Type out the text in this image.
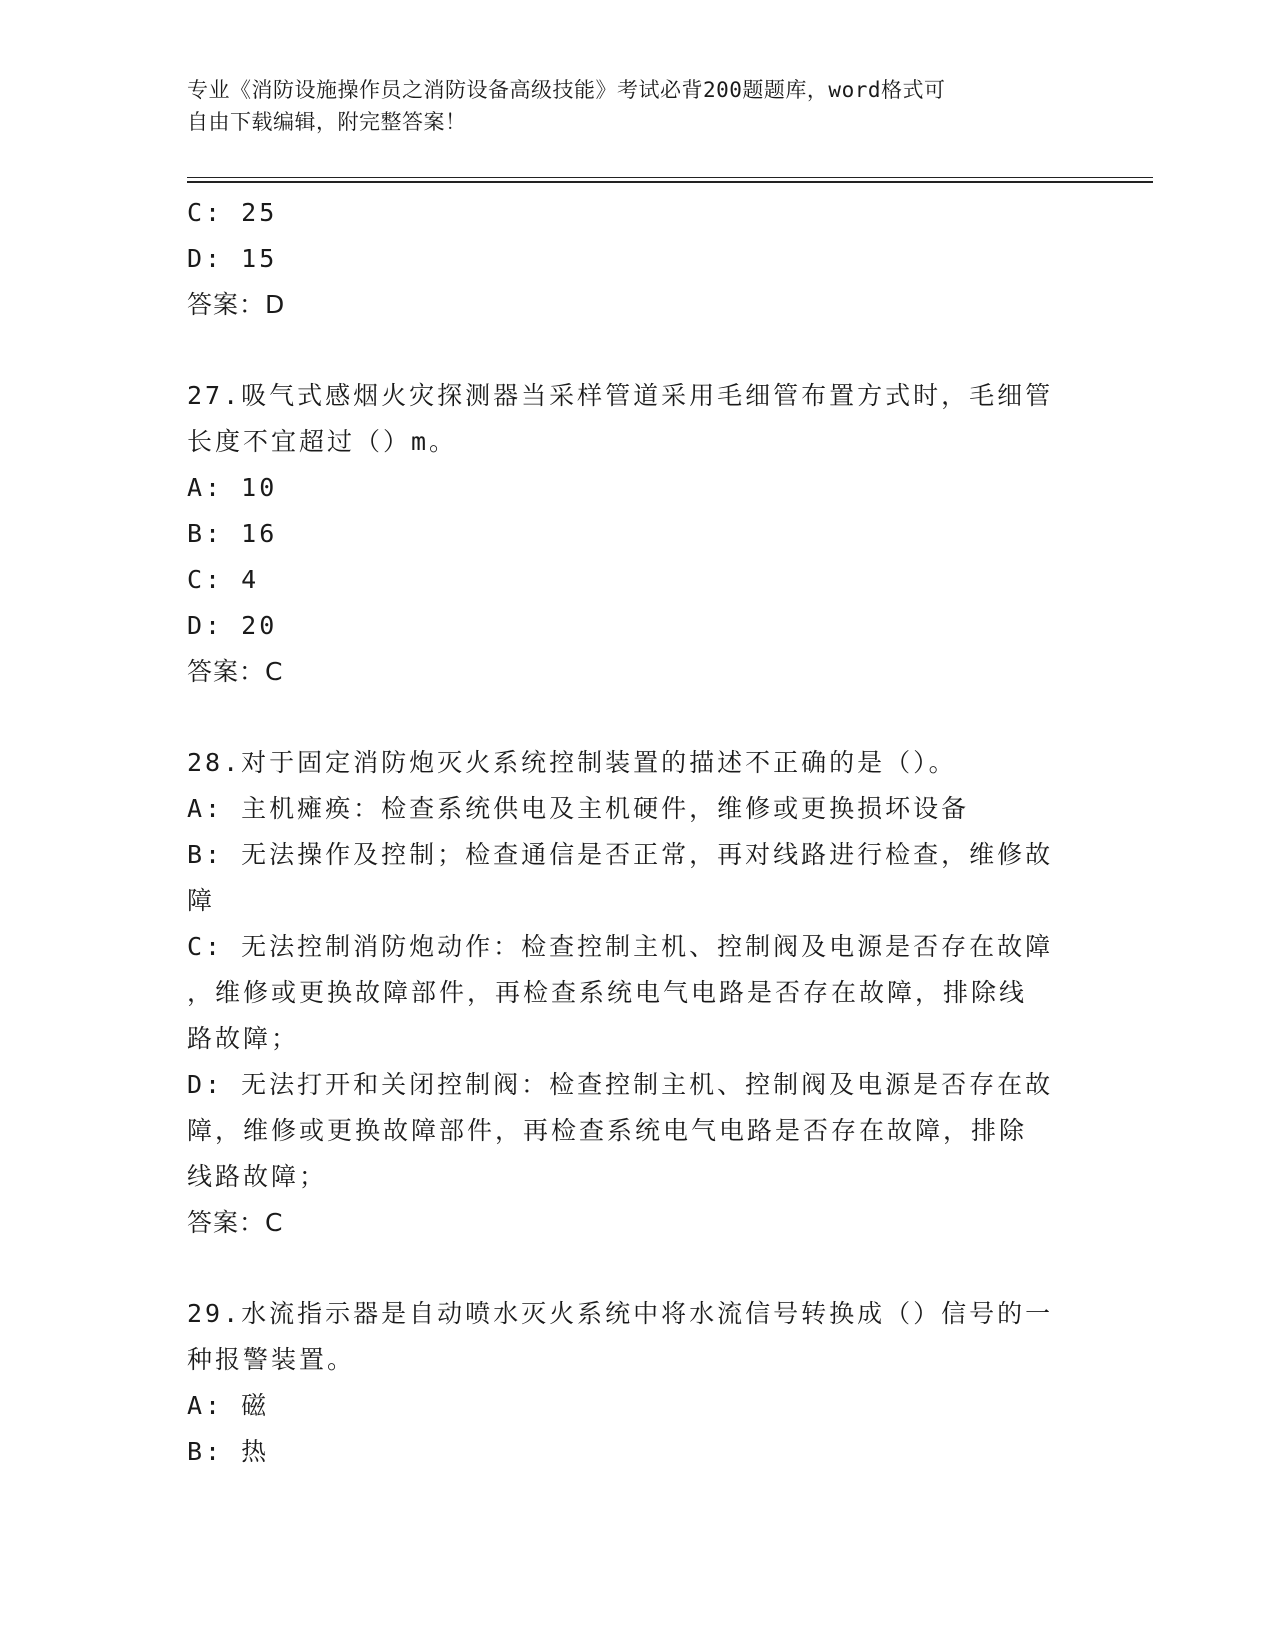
专业《消防设施操作员之消防设备高级技能》考试必背200题题库，word格式可
自由下载编辑，附完整答案！
C: 25
D: 15
答案：D
27.吸气式感烟火灾探测器当采样管道采用毛细管布置方式时，毛细管
长度不宜超过（）m。
A: 10
B: 16
C: 4
D: 20
答案：C
28.对于固定消防炮灭火系统控制装置的描述不正确的是（）。
A: 主机瘫痪：检查系统供电及主机硬件，维修或更换损坏设备
B: 无法操作及控制；检查通信是否正常，再对线路进行检查，维修故
障
C: 无法控制消防炮动作：检查控制主机、控制阀及电源是否存在故障
，维修或更换故障部件，再检查系统电气电路是否存在故障，排除线
路故障；
D: 无法打开和关闭控制阀：检查控制主机、控制阀及电源是否存在故
障，维修或更换故障部件，再检查系统电气电路是否存在故障，排除
线路故障；
答案：C
29.水流指示器是自动喷水灭火系统中将水流信号转换成（）信号的一
种报警装置。
A: 磁
B: 热
